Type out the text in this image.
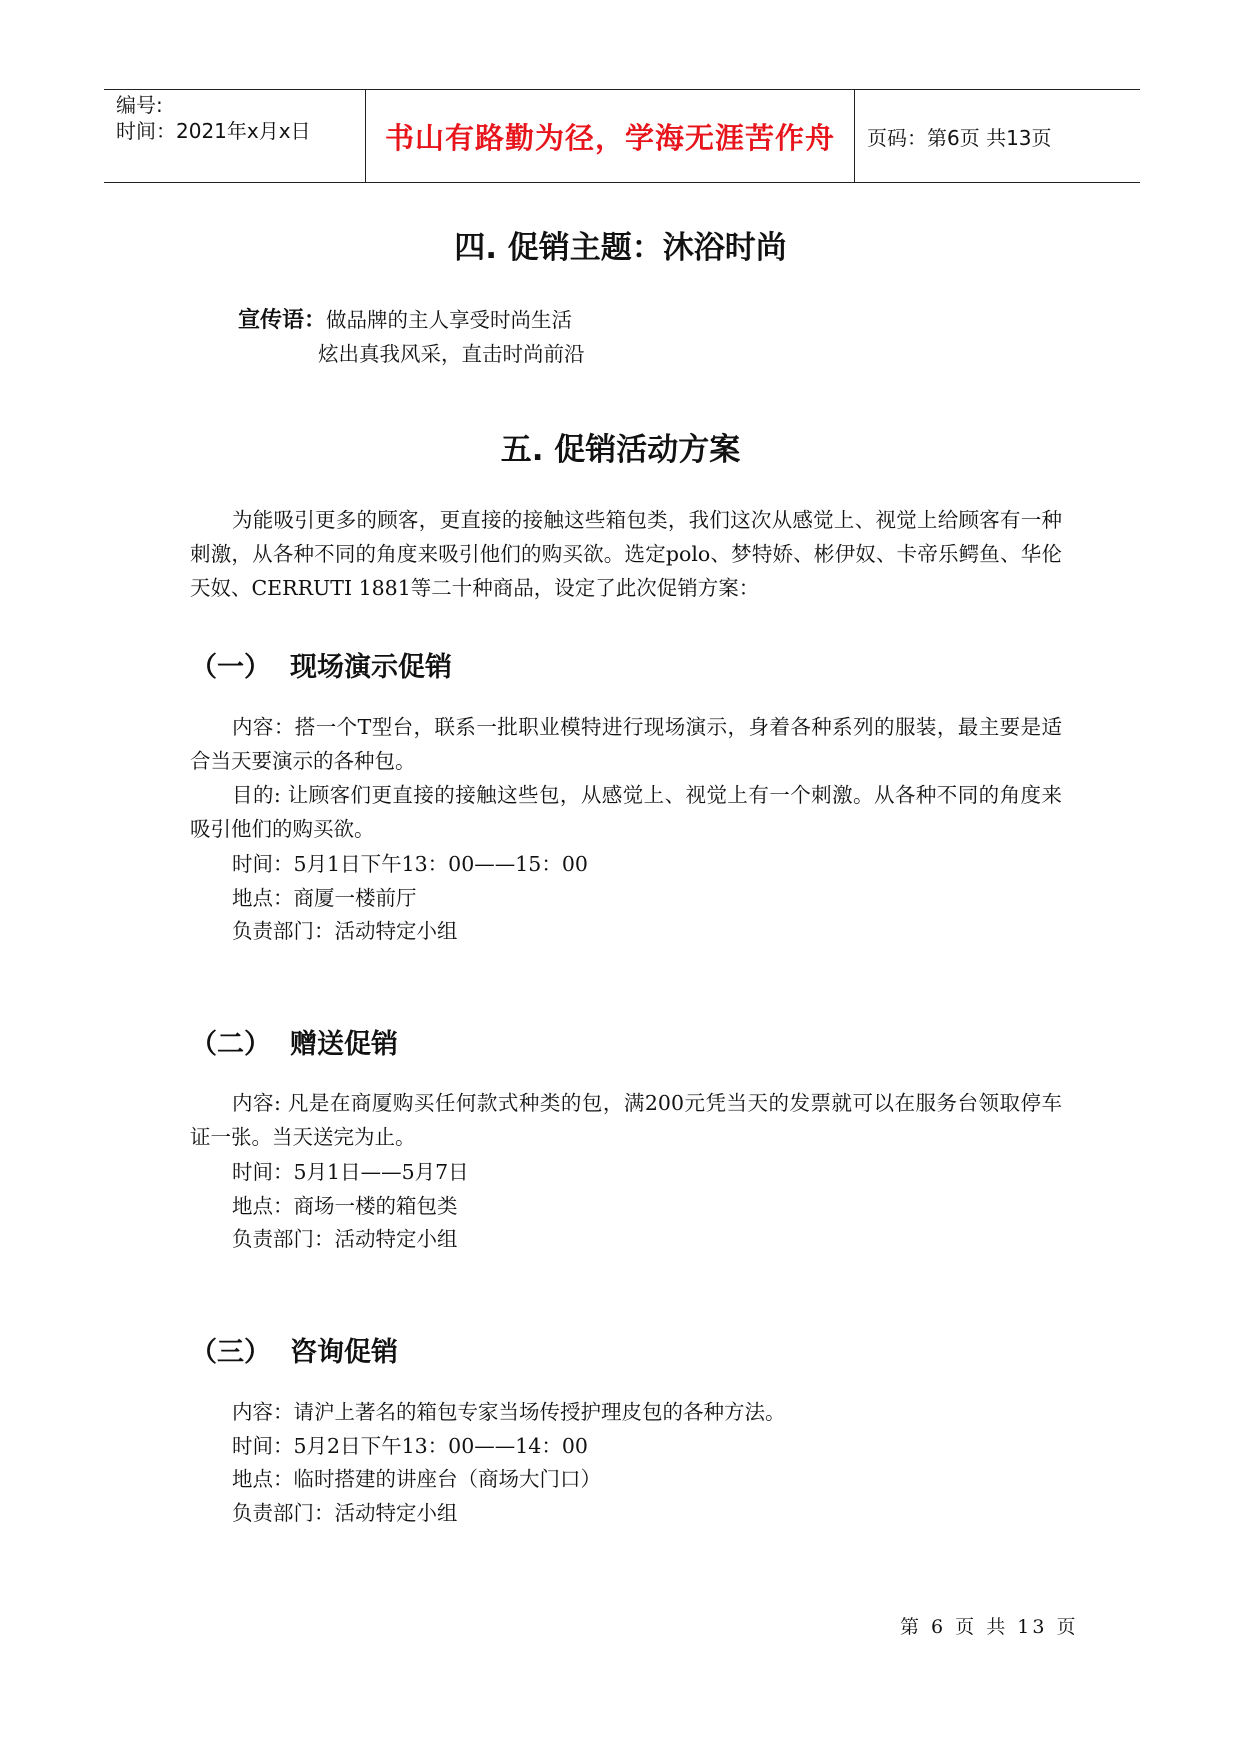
编号:
时间：2021年x月x日	书山有路勤为径，学海无涯苦作舟 页码：第6页 共13页
四. 促销主题：沐浴时尚
宣传语：做品牌的主人享受时尚生活
炫出真我风采，直击时尚前沿
五. 促销活动方案
为能吸引更多的顾客，更直接的接触这些箱包类，我们这次从感觉上、视觉上给顾客有一种刺激，从各种不同的角度来吸引他们的购买欲。选定polo、梦特娇、彬伊奴、卡帝乐鳄鱼、华伦天奴、CERRUTI 1881等二十种商品，设定了此次促销方案：
（一） 现场演示促销
内容：搭一个T型台，联系一批职业模特进行现场演示，身着各种系列的服装，最主要是适合当天要演示的各种包。
目的: 让顾客们更直接的接触这些包，从感觉上、视觉上有一个刺激。从各种不同的角度来吸引他们的购买欲。
时间：5月1日下午13：00——15：00
地点：商厦一楼前厅
负责部门：活动特定小组
（二） 赠送促销
内容: 凡是在商厦购买任何款式种类的包，满200元凭当天的发票就可以在服务台领取停车证一张。当天送完为止。
时间：5月1日——5月7日
地点：商场一楼的箱包类
负责部门：活动特定小组
（三） 咨询促销
内容：请沪上著名的箱包专家当场传授护理皮包的各种方法。
时间：5月2日下午13：00——14：00
地点：临时搭建的讲座台（商场大门口）
负责部门：活动特定小组
第 6 页 共 13 页
